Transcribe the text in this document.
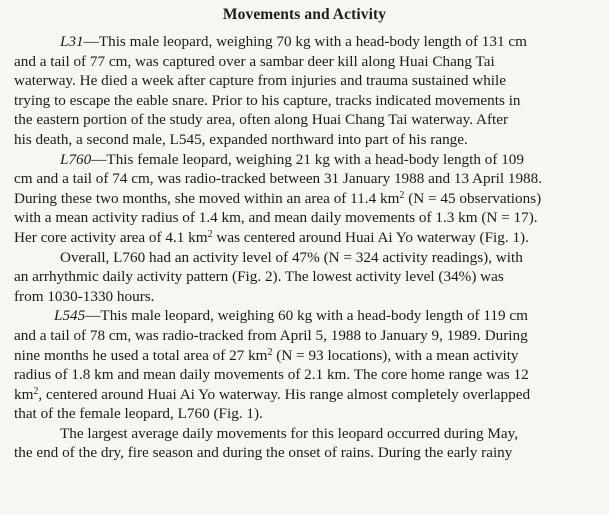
Movements and Activity

L31—This male leopard, weighing 70 kg with a head-body length of 131 cm
and a tail of 77 cm, was captured over a sambar deer kill along Huai Chang Tai
waterway. He died a week after capture from injuries and trauma sustained while
trying to escape the eable snare. Prior to his capture, tracks indicated movements in
the eastern portion of the study area, often along Huai Chang Tai waterway. After
his death, a second male, L545, expanded northward into part of his range.

L760—This female leopard, weighing 21 kg with a head-body length of 109
cm and a tail of 74 cm, was radio-tracked between 31 January 1988 and 13 April 1988.
During these two months, she moved within an area of 11.4 $km^2$ (N = 45 observations)
with a mean activity radius of 1.4 km, and mean daily movements of 1.3 km (N = 17).
Her core activity area of 4.1 $km^2$ was centered around Huai Ai Yo waterway (Fig. 1).

Overall, L760 had an activity level of 47% (N = 324 activity readings), with
an arrhythmic daily activity pattern (Fig. 2). The lowest activity level (34%) was
from 1030-1330 hours.

L545—This male leopard, weighing 60 kg with a head-body length of 119 cm
and a tail of 78 cm, was radio-tracked from April 5, 1988 to January 9, 1989. During
nine months he used a total area of 27 $km^2$ (N = 93 locations), with a mean activity
radius of 1.8 km and mean daily movements of 2.1 km. The core home range was 12
$km^2$, centered around Huai Ai Yo waterway. His range almost completely overlapped
that of the female leopard, L760 (Fig. 1).

The largest average daily movements for this leopard occurred during May,
the end of the dry, fire season and during the onset of rains. During the early rainy
